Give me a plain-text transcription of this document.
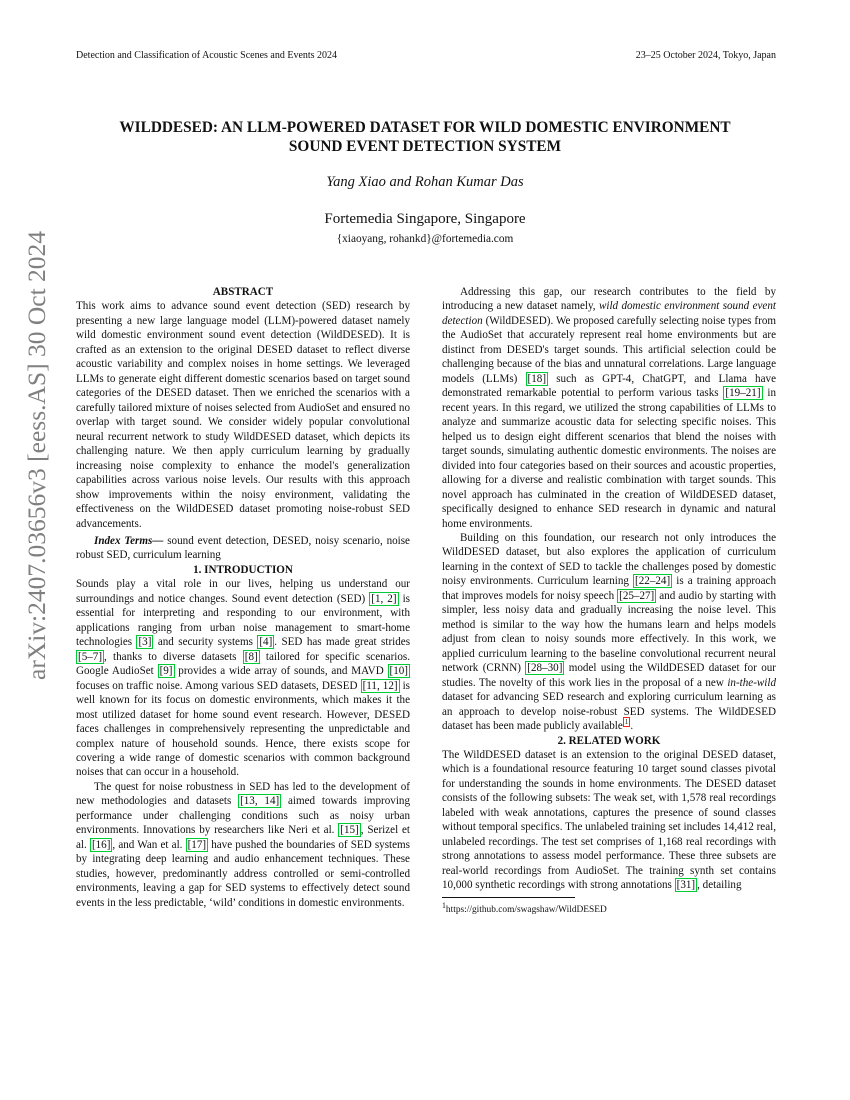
Detection and Classification of Acoustic Scenes and Events 2024	23–25 October 2024, Tokyo, Japan
WILDDESED: AN LLM-POWERED DATASET FOR WILD DOMESTIC ENVIRONMENT
SOUND EVENT DETECTION SYSTEM
Yang Xiao and Rohan Kumar Das
Fortemedia Singapore, Singapore
{xiaoyang, rohankd}@fortemedia.com
arXiv:2407.03656v3 [eess.AS] 30 Oct 2024	ABSTRACT

This work aims to advance sound event detection (SED) research by presenting a new large language model (LLM)-powered dataset namely wild domestic environment sound event detection (WildDESED). It is crafted as an extension to the original DESED dataset to reflect diverse acoustic variability and complex noises in home settings. We leveraged LLMs to generate eight different domestic scenarios based on target sound categories of the DESED dataset. Then we enriched the scenarios with a carefully tailored mixture of noises selected from AudioSet and ensured no overlap with target sound. We consider widely popular convolutional neural recurrent network to study WildDESED dataset, which depicts its challenging nature. We then apply curriculum learning by gradually increasing noise complexity to enhance the model's generalization capabilities across various noise levels. Our results with this approach show improvements within the noisy environment, validating the effectiveness on the WildDESED dataset promoting noise-robust SED advancements.

Index Terms— sound event detection, DESED, noisy scenario, noise robust SED, curriculum learning

1. INTRODUCTION

Sounds play a vital role in our lives, helping us understand our surroundings and notice changes. Sound event detection (SED) [1, 2] is essential for interpreting and responding to our environment, with applications ranging from urban noise management to smart-home technologies [3] and security systems [4] . SED has made great strides [5–7] , thanks to diverse datasets [8] tailored for specific scenarios. Google AudioSet [9] provides a wide array of sounds, and MAVD [10] focuses on traffic noise. Among various SED datasets, DESED [11, 12] is well known for its focus on domestic environments, which makes it the most utilized dataset for home sound event research. However, DESED faces challenges in comprehensively representing the unpredictable and complex nature of household sounds. Hence, there exists scope for covering a wide range of domestic scenarios with common background noises that can occur in a household.

The quest for noise robustness in SED has led to the development of new methodologies and datasets [13, 14] aimed towards improving performance under challenging conditions such as noisy urban environments. Innovations by researchers like Neri et al. [15] , Serizel et al. [16] , and Wan et al. [17] have pushed the boundaries of SED systems by integrating deep learning and audio enhancement techniques. These studies, however, predominantly address controlled or semi-controlled environments, leaving a gap for SED systems to effectively detect sound events in the less predictable, ‘wild’ conditions in domestic environments.

Addressing this gap, our research contributes to the field by introducing a new dataset namely, wild domestic environment sound event detection (WildDESED). We proposed carefully selecting noise types from the AudioSet that accurately represent real home environments but are distinct from DESED's target sounds. This artificial selection could be challenging because of the bias and unnatural correlations. Large language models (LLMs) [18] such as GPT-4, ChatGPT, and Llama have demonstrated remarkable potential to perform various tasks [19–21] in recent years. In this regard, we utilized the strong capabilities of LLMs to analyze and summarize acoustic data for selecting specific noises. This helped us to design eight different scenarios that blend the noises with target sounds, simulating authentic domestic environments. The noises are divided into four categories based on their sources and acoustic properties, allowing for a diverse and realistic combination with target sounds. This novel approach has culminated in the creation of WildDESED dataset, specifically designed to enhance SED research in dynamic and natural home environments.

Building on this foundation, our research not only introduces the WildDESED dataset, but also explores the application of curriculum learning in the context of SED to tackle the challenges posed by domestic noisy environments. Curriculum learning [22–24] is a training approach that improves models for noisy speech [25–27] and audio by starting with simpler, less noisy data and gradually increasing the noise level. This method is similar to the way how the humans learn and helps models adjust from clean to noisy sounds more effectively. In this work, we applied curriculum learning to the baseline convolutional recurrent neural network (CRNN) [28–30] model using the WildDESED dataset for our studies. The novelty of this work lies in the proposal of a new in-the-wild dataset for advancing SED research and exploring curriculum learning as an approach to develop noise-robust SED systems. The WildDESED dataset has been made publicly available $^1$ .

2. RELATED WORK

The WildDESED dataset is an extension to the original DESED dataset, which is a foundational resource featuring 10 target sound classes pivotal for understanding the sounds in home environments. The DESED dataset consists of the following subsets: The weak set, with 1,578 real recordings labeled with weak annotations, captures the presence of sound classes without temporal specifics. The unlabeled training set includes 14,412 real, unlabeled recordings. The test set comprises of 1,168 real recordings with strong annotations to assess model performance. These three subsets are real-world recordings from AudioSet. The training synth set contains 10,000 synthetic recordings with strong annotations [31] , detailing

$^1$https://github.com/swagshaw/WildDESED
